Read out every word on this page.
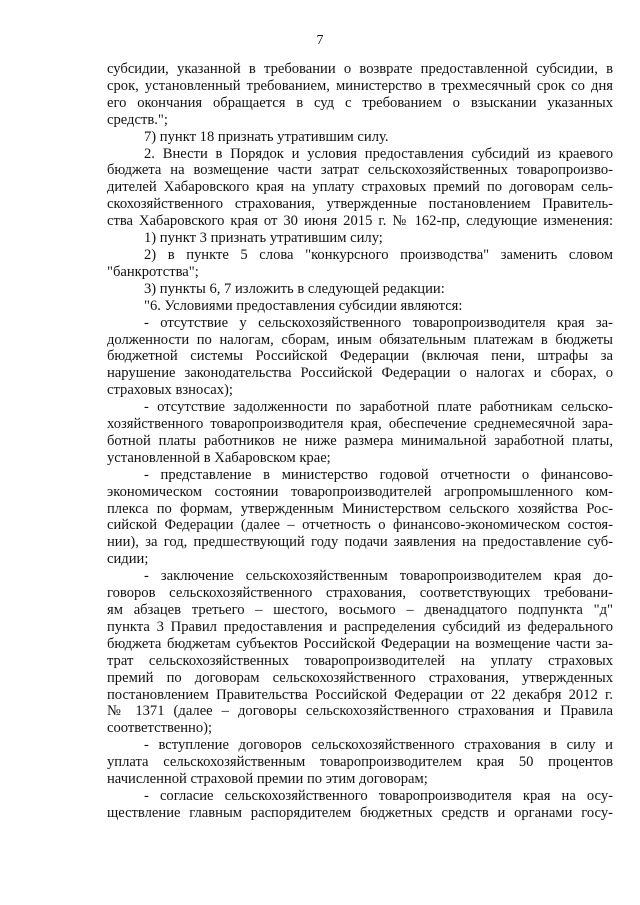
7

субсидии, указанной в требовании о возврате предоставленной субсидии, в

срок, установленный требованием, министерство в трехмесячный срок со дня

его окончания обращается в суд с требованием о взыскании указанных

средств.";

7) пункт 18 признать утратившим силу.

2. Внести в Порядок и условия предоставления субсидий из краевого

бюджета на возмещение части затрат сельскохозяйственных товаропроизво-

дителей Хабаровского края на уплату страховых премий по договорам сель-

скохозяйственного страхования, утвержденные постановлением Правитель-

ства Хабаровского края от 30 июня 2015 г. № 162-пр, следующие изменения:

1) пункт 3 признать утратившим силу;

2) в пункте 5 слова "конкурсного производства" заменить словом

"банкротства";

3) пункты 6, 7 изложить в следующей редакции:

"6. Условиями предоставления субсидии являются:

- отсутствие у сельскохозяйственного товаропроизводителя края за-

долженности по налогам, сборам, иным обязательным платежам в бюджеты

бюджетной системы Российской Федерации (включая пени, штрафы за

нарушение законодательства Российской Федерации о налогах и сборах, о

страховых взносах);

- отсутствие задолженности по заработной плате работникам сельско-

хозяйственного товаропроизводителя края, обеспечение среднемесячной зара-

ботной платы работников не ниже размера минимальной заработной платы,

установленной в Хабаровском крае;

- представление в министерство годовой отчетности о финансово-

экономическом состоянии товаропроизводителей агропромышленного ком-

плекса по формам, утвержденным Министерством сельского хозяйства Рос-

сийской Федерации (далее – отчетность о финансово-экономическом состоя-

нии), за год, предшествующий году подачи заявления на предоставление суб-

сидии;

- заключение сельскохозяйственным товаропроизводителем края до-

говоров сельскохозяйственного страхования, соответствующих требовани-

ям абзацев третьего – шестого, восьмого – двенадцатого подпункта "д"

пункта 3 Правил предоставления и распределения субсидий из федерального

бюджета бюджетам субъектов Российской Федерации на возмещение части за-

трат сельскохозяйственных товаропроизводителей на уплату страховых

премий по договорам сельскохозяйственного страхования, утвержденных

постановлением Правительства Российской Федерации от 22 декабря 2012 г.

№ 1371 (далее – договоры сельскохозяйственного страхования и Правила

соответственно);

- вступление договоров сельскохозяйственного страхования в силу и

уплата сельскохозяйственным товаропроизводителем края 50 процентов

начисленной страховой премии по этим договорам;

- согласие сельскохозяйственного товаропроизводителя края на осу-

ществление главным распорядителем бюджетных средств и органами госу-
